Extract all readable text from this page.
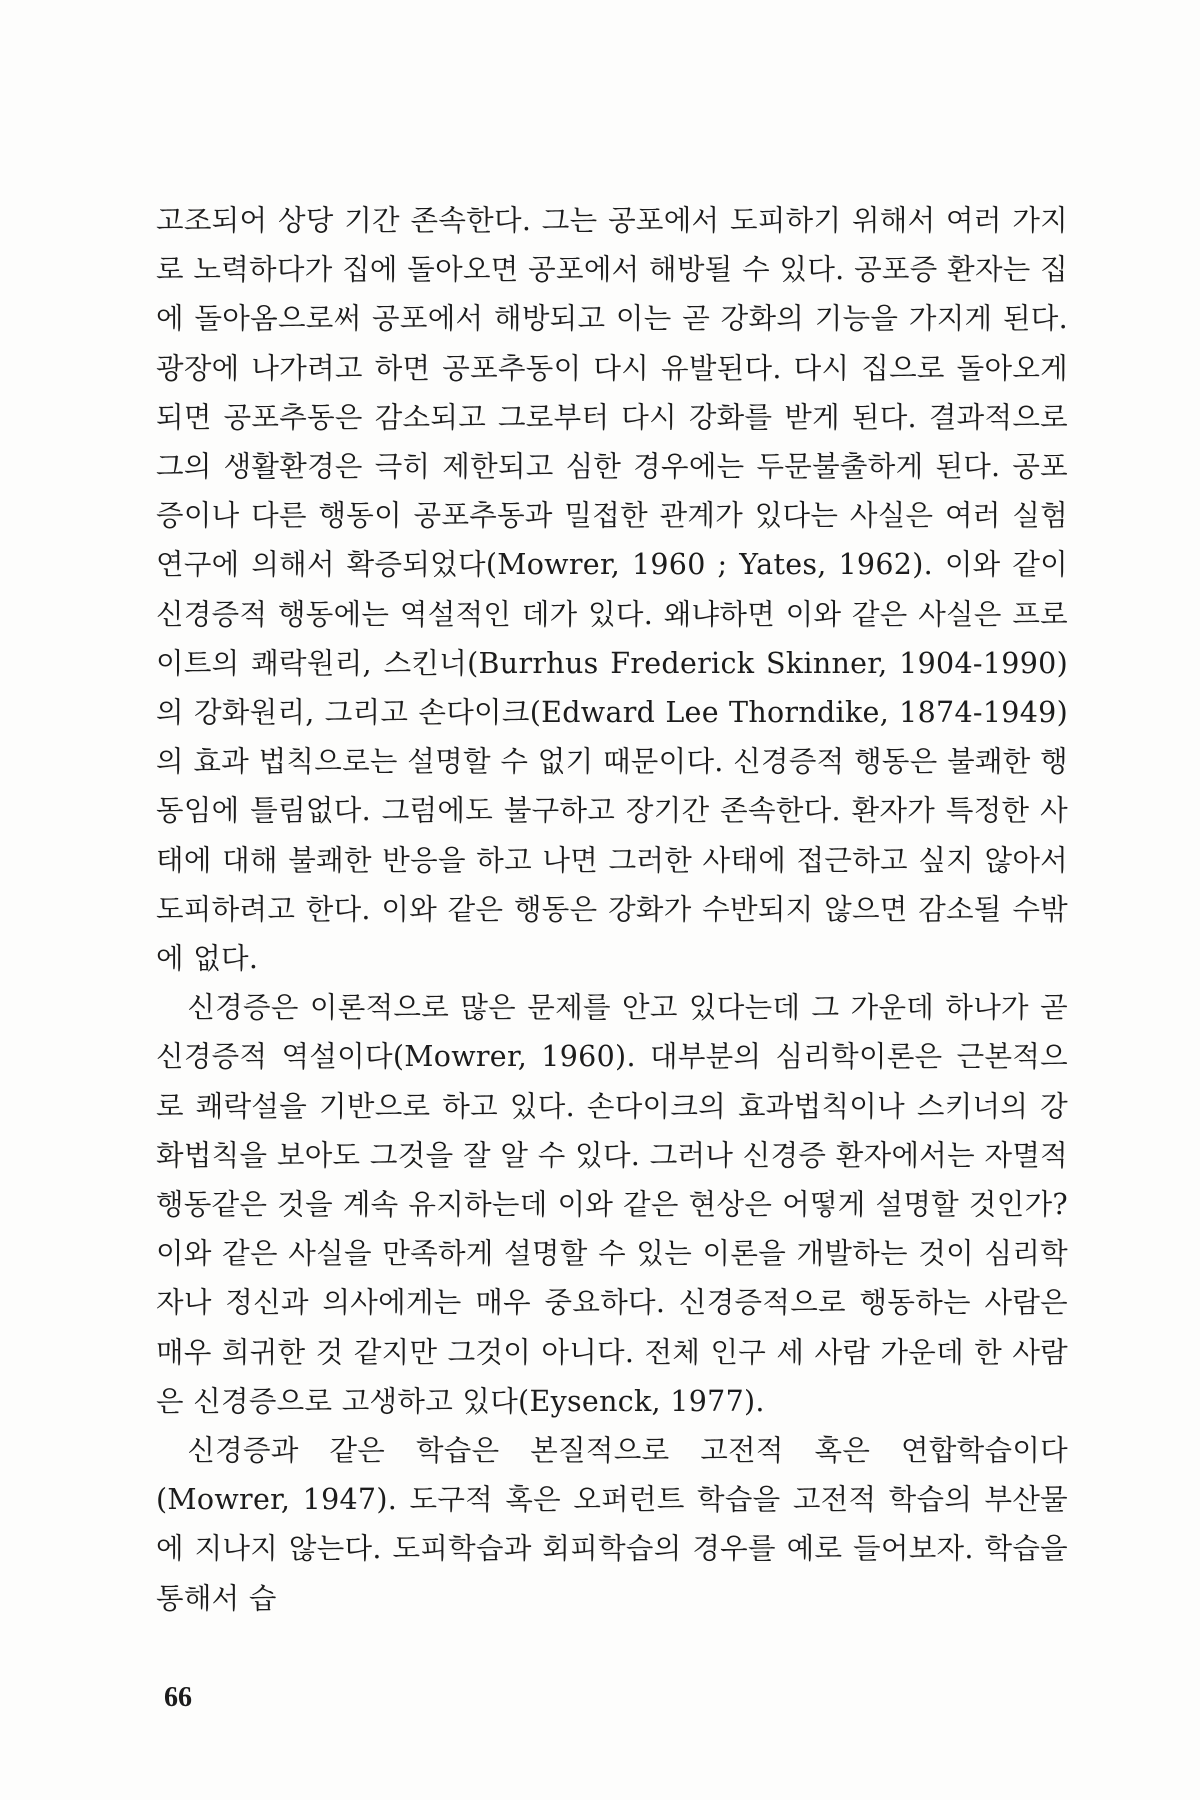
고조되어 상당 기간 존속한다. 그는 공포에서 도피하기 위해서 여러 가지로 노력하다가 집에 돌아오면 공포에서 해방될 수 있다. 공포증 환자는 집에 돌아옴으로써 공포에서 해방되고 이는 곧 강화의 기능을 가지게 된다. 광장에 나가려고 하면 공포추동이 다시 유발된다. 다시 집으로 돌아오게 되면 공포추동은 감소되고 그로부터 다시 강화를 받게 된다. 결과적으로 그의 생활환경은 극히 제한되고 심한 경우에는 두문불출하게 된다. 공포증이나 다른 행동이 공포추동과 밀접한 관계가 있다는 사실은 여러 실험연구에 의해서 확증되었다(Mowrer, 1960 ; Yates, 1962). 이와 같이 신경증적 행동에는 역설적인 데가 있다. 왜냐하면 이와 같은 사실은 프로이트의 쾌락원리, 스킨너(Burrhus Frederick Skinner, 1904-1990)의 강화원리, 그리고 손다이크(Edward Lee Thorndike, 1874-1949)의 효과 법칙으로는 설명할 수 없기 때문이다. 신경증적 행동은 불쾌한 행동임에 틀림없다. 그럼에도 불구하고 장기간 존속한다. 환자가 특정한 사태에 대해 불쾌한 반응을 하고 나면 그러한 사태에 접근하고 싶지 않아서 도피하려고 한다. 이와 같은 행동은 강화가 수반되지 않으면 감소될 수밖에 없다.

신경증은 이론적으로 많은 문제를 안고 있다는데 그 가운데 하나가 곧 신경증적 역설이다(Mowrer, 1960). 대부분의 심리학이론은 근본적으로 쾌락설을 기반으로 하고 있다. 손다이크의 효과법칙이나 스키너의 강화법칙을 보아도 그것을 잘 알 수 있다. 그러나 신경증 환자에서는 자멸적 행동같은 것을 계속 유지하는데 이와 같은 현상은 어떻게 설명할 것인가? 이와 같은 사실을 만족하게 설명할 수 있는 이론을 개발하는 것이 심리학자나 정신과 의사에게는 매우 중요하다. 신경증적으로 행동하는 사람은 매우 희귀한 것 같지만 그것이 아니다. 전체 인구 세 사람 가운데 한 사람은 신경증으로 고생하고 있다(Eysenck, 1977).

신경증과 같은 학습은 본질적으로 고전적 혹은 연합학습이다(Mowrer, 1947). 도구적 혹은 오퍼런트 학습을 고전적 학습의 부산물에 지나지 않는다. 도피학습과 회피학습의 경우를 예로 들어보자. 학습을 통해서 습

66
